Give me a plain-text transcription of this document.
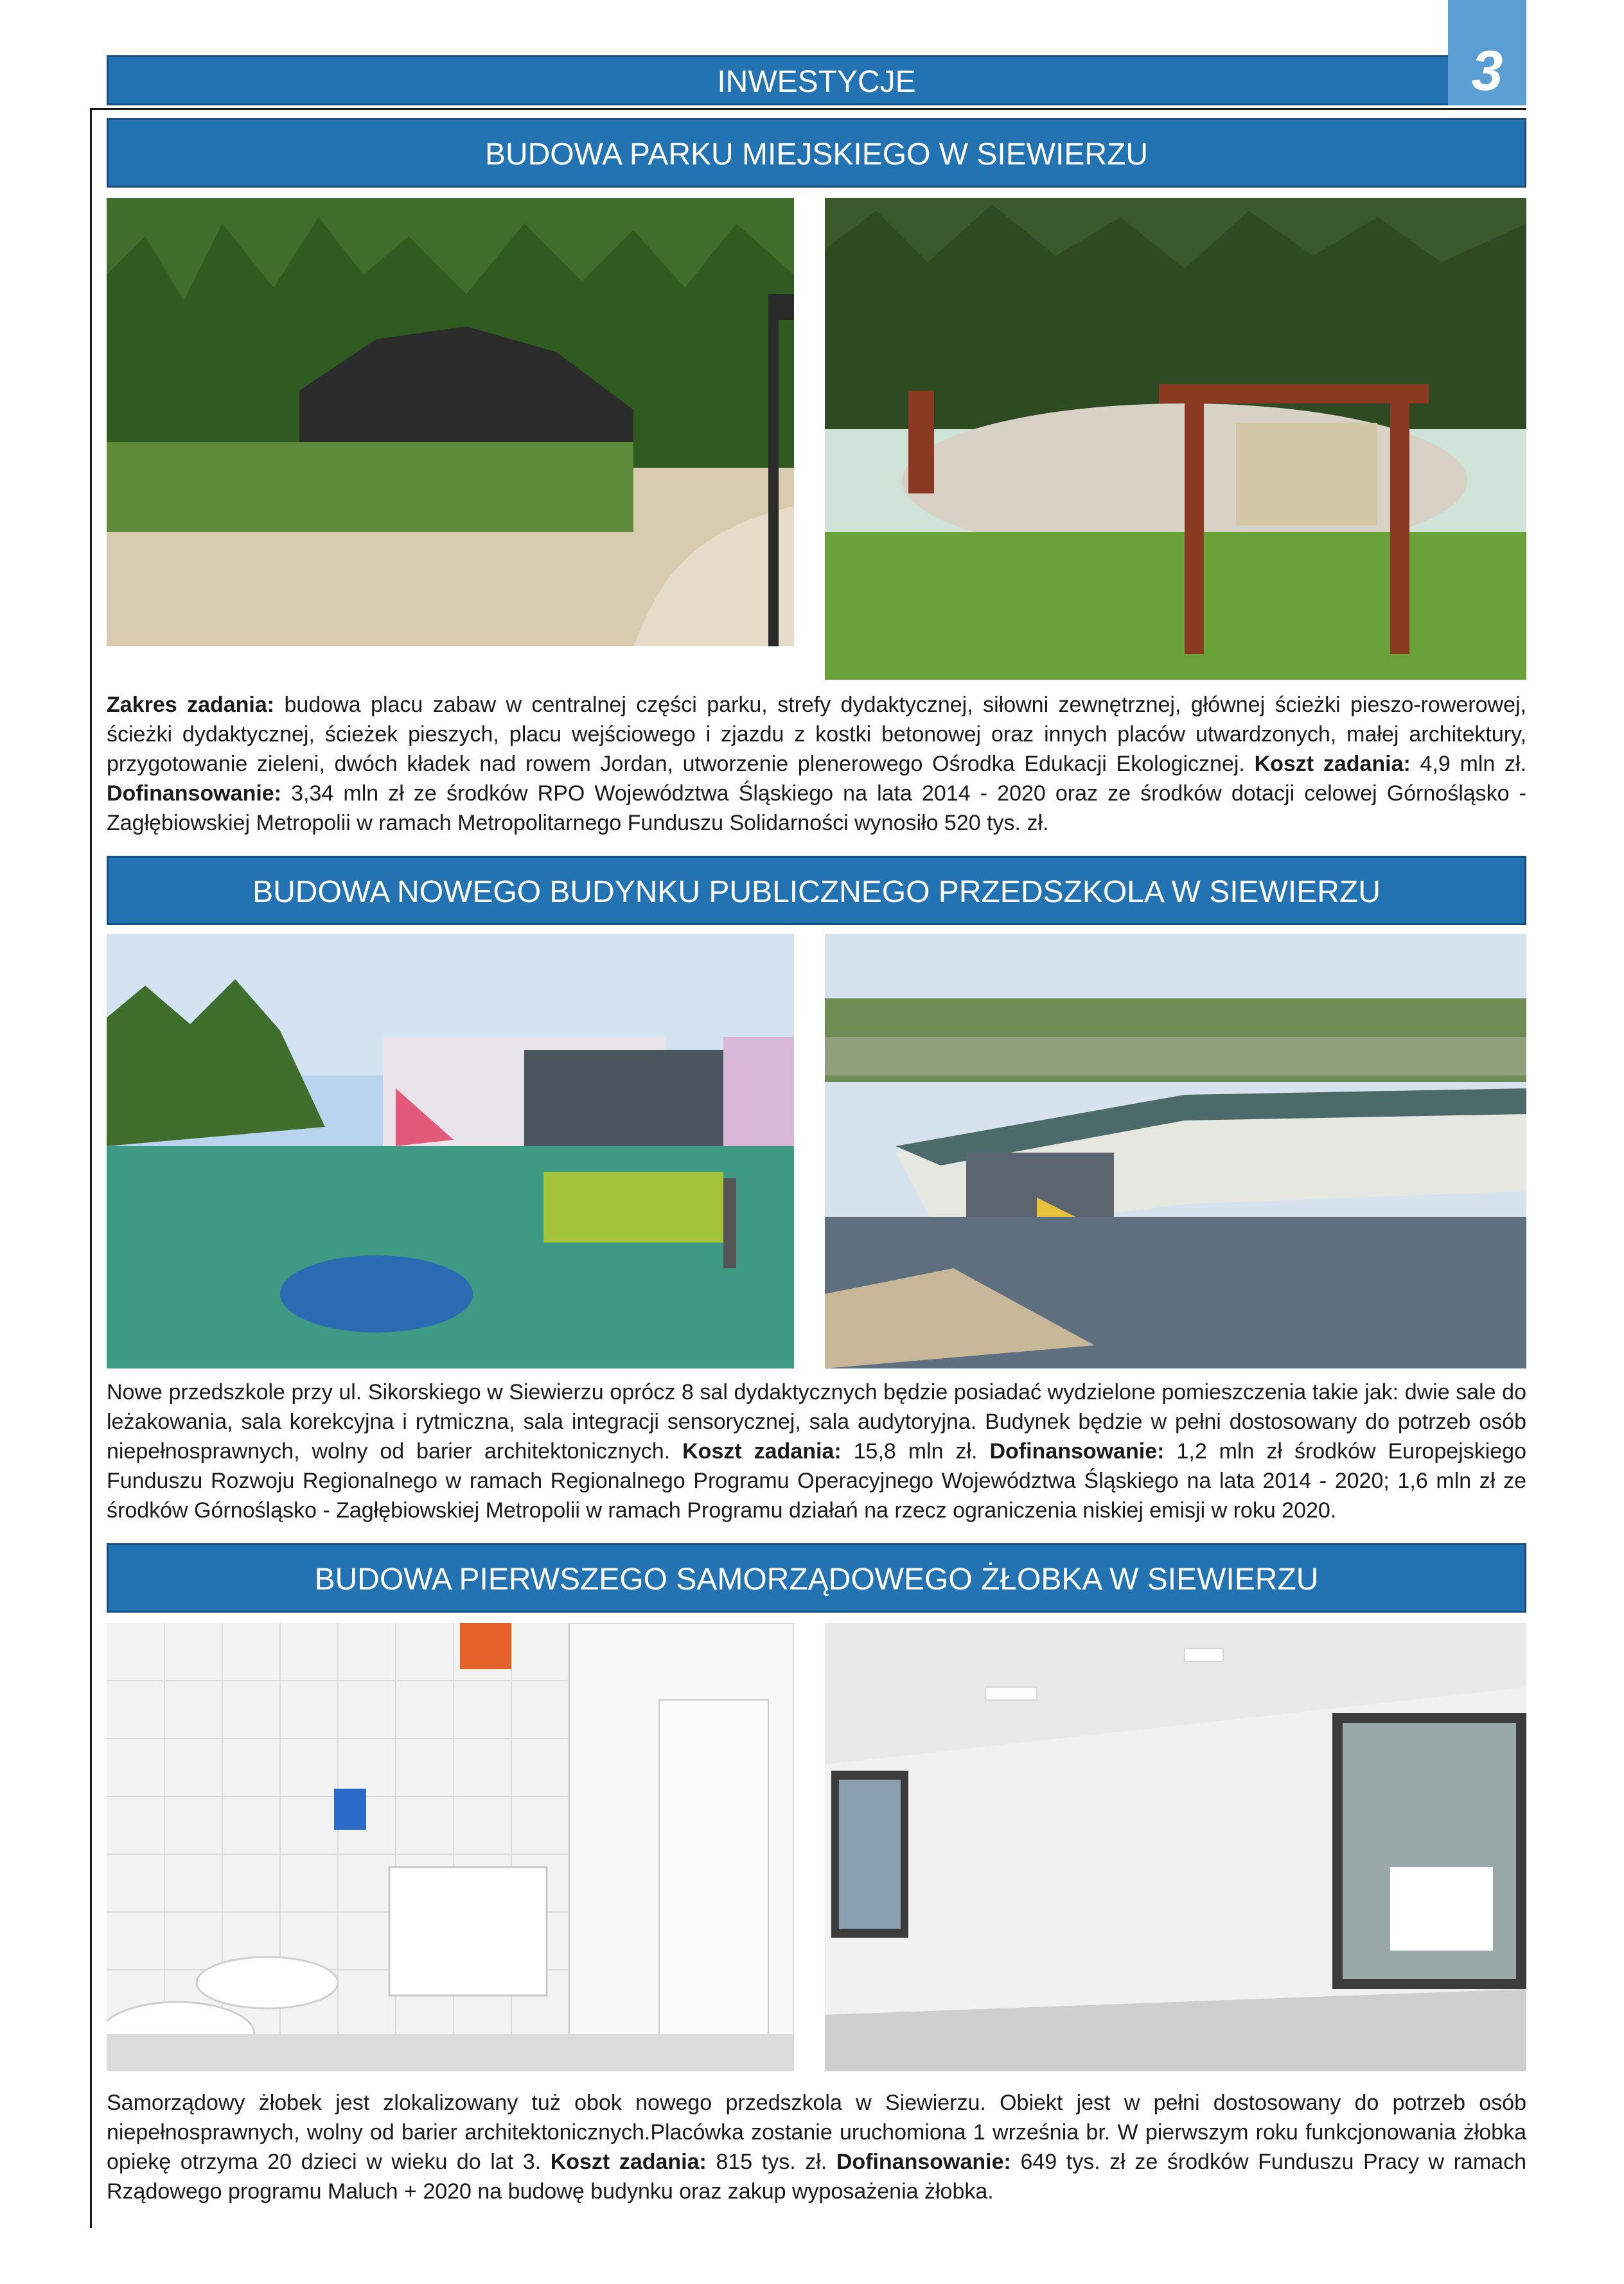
INWESTYCJE	3
BUDOWA PARKU MIEJSKIEGO W SIEWIERZU
Zakres zadania: budowa placu zabaw w centralnej części parku, strefy dydaktycznej, siłowni zewnętrznej, głównej ścieżki pieszo-rowerowej, ścieżki dydaktycznej, ścieżek pieszych, placu wejściowego i zjazdu z kostki betonowej oraz innych placów utwardzonych, małej architektury, przygotowanie zieleni, dwóch kładek nad rowem Jordan, utworzenie plenerowego Ośrodka Edukacji Ekologicznej. Koszt zadania: 4,9 mln zł. Dofinansowanie: 3,34 mln zł ze środków RPO Województwa Śląskiego na lata 2014 - 2020 oraz ze środków dotacji celowej Górnośląsko - Zagłębiowskiej Metropolii w ramach Metropolitarnego Funduszu Solidarności wynosiło 520 tys. zł.
BUDOWA NOWEGO BUDYNKU PUBLICZNEGO PRZEDSZKOLA W SIEWIERZU
Nowe przedszkole przy ul. Sikorskiego w Siewierzu oprócz 8 sal dydaktycznych będzie posiadać wydzielone pomieszczenia takie jak: dwie sale do leżakowania, sala korekcyjna i rytmiczna, sala integracji sensorycznej, sala audytoryjna. Budynek będzie w pełni dostosowany do potrzeb osób niepełnosprawnych, wolny od barier architektonicznych. Koszt zadania: 15,8 mln zł. Dofinansowanie: 1,2 mln zł środków Europejskiego Funduszu Rozwoju Regionalnego w ramach Regionalnego Programu Operacyjnego Województwa Śląskiego na lata 2014 - 2020; 1,6 mln zł ze środków Górnośląsko - Zagłębiowskiej Metropolii w ramach Programu działań na rzecz ograniczenia niskiej emisji w roku 2020.
BUDOWA PIERWSZEGO SAMORZĄDOWEGO ŻŁOBKA W SIEWIERZU
Samorządowy żłobek jest zlokalizowany tuż obok nowego przedszkola w Siewierzu. Obiekt jest w pełni dostosowany do potrzeb osób niepełnosprawnych, wolny od barier architektonicznych.Placówka zostanie uruchomiona 1 września br. W pierwszym roku funkcjonowania żłobka opiekę otrzyma 20 dzieci w wieku do lat 3. Koszt zadania: 815 tys. zł. Dofinansowanie: 649 tys. zł ze środków Funduszu Pracy w ramach Rządowego programu Maluch + 2020 na budowę budynku oraz zakup wyposażenia żłobka.
